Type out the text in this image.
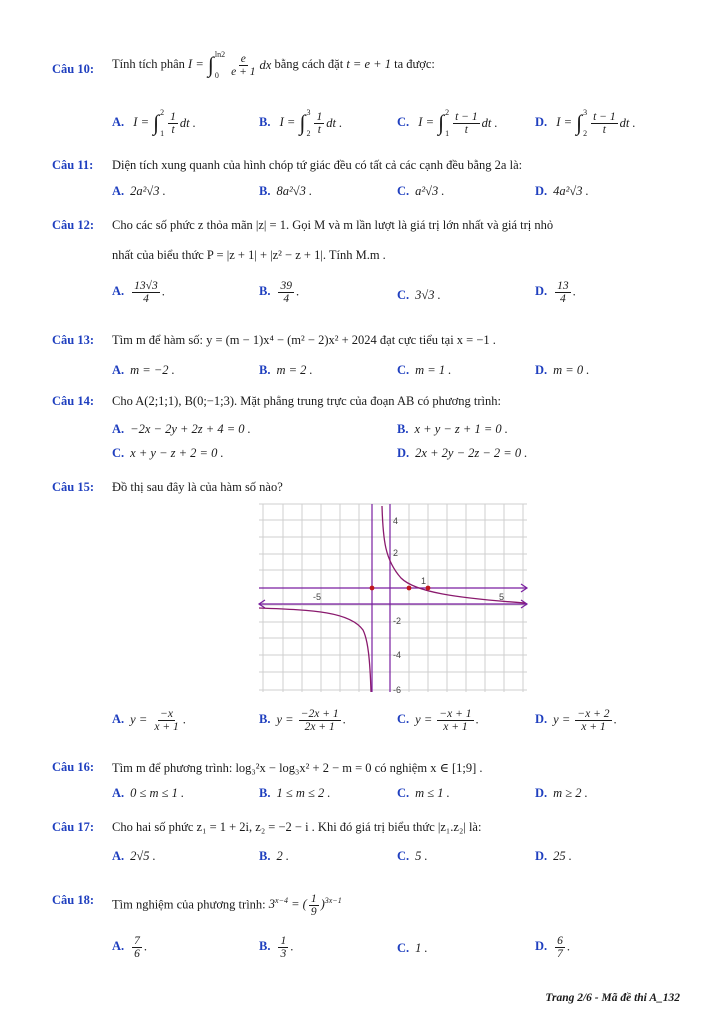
Câu 10: Tính tích phân I = ∫ ln2
$0 \frac{e}{e + 1}$ dx bằng cách đặt t = e + 1 ta được:
A. I = ∫ 2
$1 \frac{1}{t}$ dt .	B. I = ∫ 3
$2 \frac{1}{t}$ dt .	C. I = ∫ 2
$1 \frac{t - 1}{t}$ dt .	D. I = ∫ 3
$2 \frac{t - 1}{t}$ dt .
Câu 11: Diện tích xung quanh của hình chóp tứ giác đều có tất cả các cạnh đều bằng 2a là:
A. 2a²√3 .	B. 8a²√3 .	C. a²√3 .	D. 4a²√3 .
Câu 12: Cho các số phức z thỏa mãn |z| = 1. Gọi M và m lần lượt là giá trị lớn nhất và giá trị nhỏ
nhất của biểu thức P = |z + 1| + |z² − z + 1|. Tính M.m .
A. $\frac{13√3}{4}$ .	B. $\frac{39}{4}$ .	C. 3√3 .	D. $\frac{13}{4}$ .
Câu 13: Tìm m để hàm số: y = (m − 1)x⁴ − (m² − 2)x² + 2024 đạt cực tiểu tại x = −1 .
A. m = −2 .	B. m = 2 .	C. m = 1 .	D. m = 0 .
Câu 14: Cho A(2;1;1), B(0;−1;3). Mặt phẳng trung trực của đoạn AB có phương trình:
A. −2x − 2y + 2z + 4 = 0 .	B. x + y − z + 1 = 0 .
C. x + y − z + 2 = 0 .	D. 2x + 2y − 2z − 2 = 0 .
Câu 15: Đồ thị sau đây là của hàm số nào?
-5	5
4
2
-2
-4
-6
1
A. $y = \frac{-x}{x + 1}$ .	B. $y = \frac{-2x + 1}{2x + 1}$ .	C. $y = \frac{-x + 1}{x + 1}$ .	D. $y = \frac{-x + 2}{x + 1}$ .
Câu 16: Tìm m để phương trình: log₃²x − log₃x² + 2 − m = 0 có nghiệm x ∈ [1;9] .
A. 0 ≤ m ≤ 1 .	B. 1 ≤ m ≤ 2 .	C. m ≤ 1 .	D. m ≥ 2 .
Câu 17: Cho hai số phức z₁ = 1 + 2i, z₂ = −2 − i . Khi đó giá trị biểu thức |z₁.z₂| là:
A. 2√5 .	B. 2 .	C. 5 .	D. 25 .
Câu 18: Tìm nghiệm của phương trình: $3^{x-4}$ = ( $\frac{1}{9} )^{3x-1}$
A. $\frac{7}{6}$ .	B. $\frac{1}{3}$ .	C. 1 .	D. $\frac{6}{7}$ .
Trang 2/6 - Mã đề thi A_132
